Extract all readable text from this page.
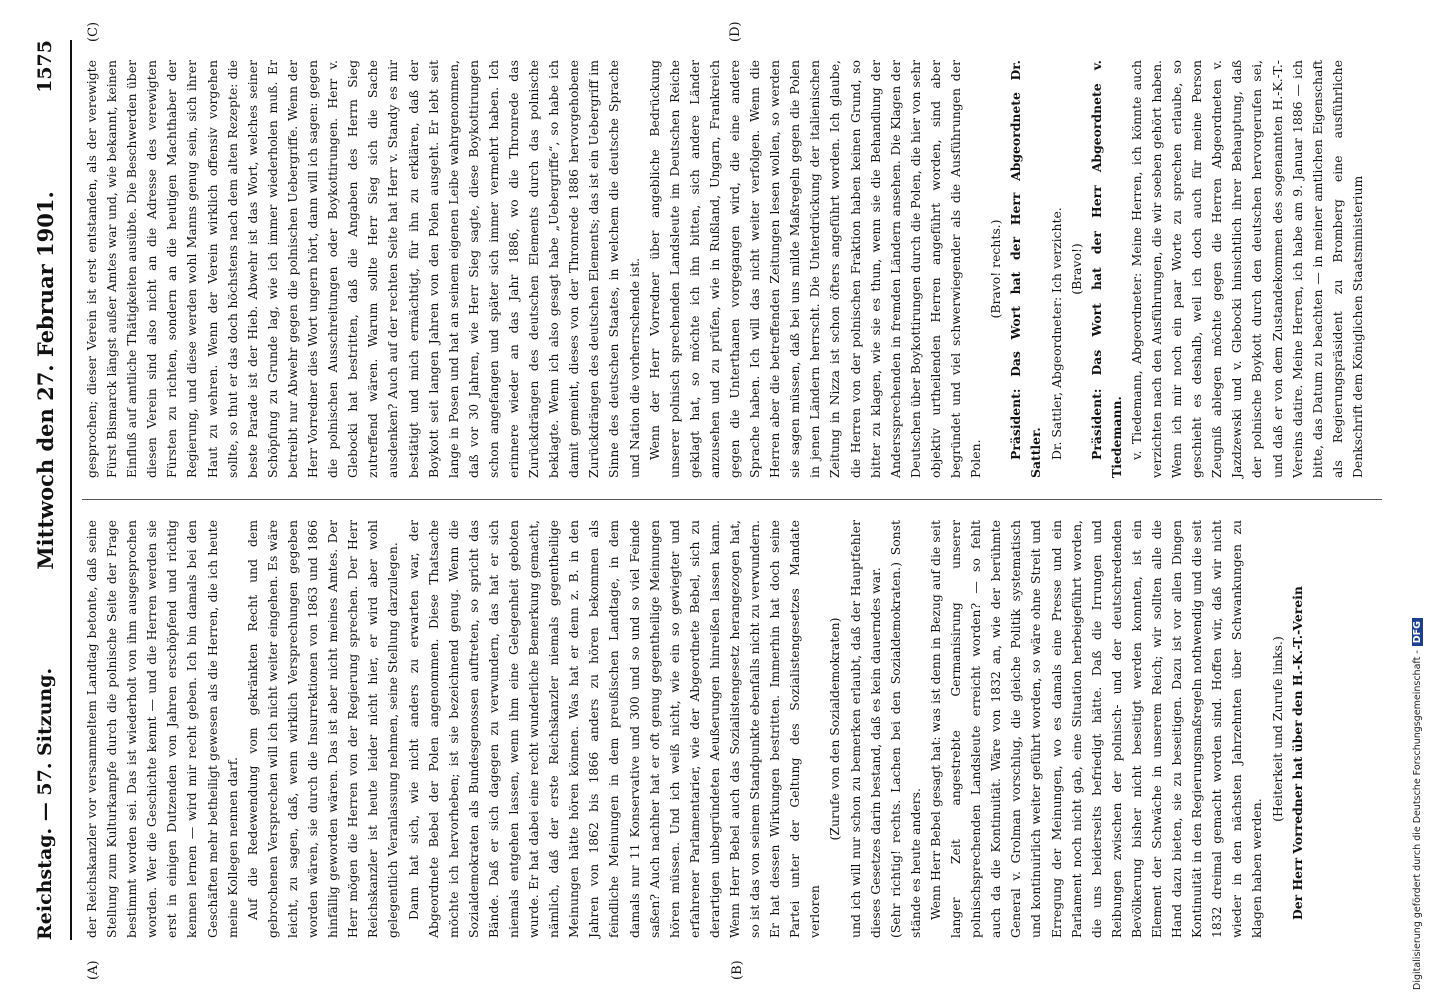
Reichstag. — 57. Sitzung.
Mittwoch den 27. Februar 1901.
1575
(A)	(B)
(C)	(D)

der Reichskanzler vor versammeltem Landtag betonte, daß seine Stellung zum Kulturkampfe durch die polnische Seite der Frage bestimmt worden sei. Das ist wiederholt von ihm ausgesprochen worden. Wer die Geschichte kennt — und die Herren werden sie erst in einigen Dutzenden von Jahren erschöpfend und richtig kennen lernen — wird mir recht geben. Ich bin damals bei den Geschäften mehr betheiligt gewesen als die Herren, die ich heute meine Kollegen nennen darf. Auf die Redewendung vom gekränkten Recht und dem gebrochenen Versprechen will ich nicht weiter eingehen. Es wäre leicht, zu sagen, daß, wenn wirklich Versprechungen gegeben worden wären, sie durch die Insurrektionen von 1863 und 1866 hinfällig geworden wären. Das ist aber nicht meines Amtes. Der Herr mögen die Herren von der Regierung sprechen. Der Herr Reichskanzler ist heute leider nicht hier, er wird aber wohl gelegentlich Veranlassung nehmen, seine Stellung darzulegen. Dann hat sich, wie nicht anders zu erwarten war, der Abgeordnete Bebel der Polen angenommen. Diese Thatsache möchte ich hervorheben; ist sie bezeichnend genug. Wenn die Sozialdemokraten als Bundesgenossen auftreten, so spricht das Bände. Daß er sich dagegen zu verwundern, das hat er sich niemals entgehen lassen, wenn ihm eine Gelegenheit geboten wurde. Er hat dabei eine recht wunderliche Bemerkung gemacht, nämlich, daß der erste Reichskanzler niemals gegentheilige Meinungen hätte hören können. Was hat er denn z. B. in den Jahren von 1862 bis 1866 anders zu hören bekommen als feindliche Meinungen in dem preußischen Landtage, in dem damals nur 11 Konservative und 300 und so und so viel Feinde saßen? Auch nachher hat er oft genug gegentheilige Meinungen hören müssen. Und ich weiß nicht, wie ein so gewiegter und erfahrener Parlamentarier, wie der Abgeordnete Bebel, sich zu derartigen unbegründeten Aeußerungen hinreißen lassen kann. Wenn Herr Bebel auch das Sozialistengesetz herangezogen hat, so ist das von seinem Standpunkte ebenfalls nicht zu verwundern. Er hat dessen Wirkungen bestritten. Immerhin hat doch seine Partei unter der Geltung des Sozialistengesetzes Mandate verloren

(Zurufe von den Sozialdemokraten) und ich will nur schon zu bemerken erlaubt, daß der Hauptfehler dieses Gesetzes darin bestand, daß es kein dauerndes war. (Sehr richtig! rechts. Lachen bei den Sozialdemokraten.) Sonst stände es heute anders. Wenn Herr Bebel gesagt hat: was ist denn in Bezug auf die seit langer Zeit angestrebte Germanisirung unserer polnischsprechenden Landsleute erreicht worden? — so fehlt auch da die Kontinuität. Wäre von 1832 an, wie der berühmte General v. Grolman vorschlug, die gleiche Politik systematisch und kontinuirlich weiter geführt worden, so wäre ohne Streit und Erregung der Meinungen, wo es damals eine Presse und ein Parlament noch nicht gab, eine Situation herbeigeführt worden, die uns beiderseits befriedigt hätte. Daß die Irrungen und Reibungen zwischen der polnisch- und der deutschredenden Bevölkerung bisher nicht beseitigt werden konnten, ist ein Element der Schwäche in unserem Reich; wir sollten alle die Hand dazu bieten, sie zu beseitigen. Dazu ist vor allen Dingen Kontinuität in den Regierungsmaßregeln nothwendig und die seit 1832 dreimal gemacht worden sind. Hoffen wir, daß wir nicht wieder in den nächsten Jahrzehnten über Schwankungen zu klagen haben werden.

(Heiterkeit und Zurufe links.) Der Herr Vorredner hat über den H.-K.-T.-Verein

gesprochen; dieser Verein ist erst entstanden, als der verewigte Fürst Bismarck längst außer Amtes war und, wie bekannt, keinen Einfluß auf amtliche Thätigkeiten ausübte. Die Beschwerden über diesen Verein sind also nicht an die Adresse des verewigten Fürsten zu richten, sondern an die heutigen Machthaber der Regierung, und diese werden wohl Manns genug sein, sich ihrer Haut zu wehren. Wenn der Verein wirklich offensiv vorgehen sollte, so thut er das doch höchstens nach dem alten Rezepte: die beste Parade ist der Hieb. Abwehr ist das Wort, welches seiner Schöpfung zu Grunde lag, wie ich immer wiederholen muß. Er betreibt nur Abwehr gegen die polnischen Uebergriffe. Wenn der Herr Vorredner dies Wort ungern hört, dann will ich sagen: gegen die polnischen Ausschreitungen oder Boykottirungen. Herr v. Glebocki hat bestritten, daß die Angaben des Herrn Sieg zutreffend wären. Warum sollte Herr Sieg sich die Sache ausdenken? Auch auf der rechten Seite hat Herr v. Standy es mir bestätigt und mich ermächtigt, für ihn zu erklären, daß der Boykott seit langen Jahren von den Polen ausgeht. Er lebt seit lange in Posen und hat an seinem eigenen Leibe wahrgenommen, daß vor 30 Jahren, wie Herr Sieg sagte, diese Boykottirungen schon angefangen und später sich immer vermehrt haben. Ich erinnere wieder an das Jahr 1886, wo die Thronrede das Zurückdrängen des deutschen Elements durch das polnische beklagte. Wenn ich also gesagt habe „Uebergriffe“, so habe ich damit gemeint, dieses von der Thronrede 1886 hervorgehobene Zurückdrängen des deutschen Elements; das ist ein Uebergriff im Sinne des deutschen Staates, in welchem die deutsche Sprache und Nation die vorherrschende ist. Wenn der Herr Vorredner über angebliche Bedrückung unserer polnisch sprechenden Landsleute im Deutschen Reiche geklagt hat, so möchte ich ihn bitten, sich andere Länder anzusehen und zu prüfen, wie in Rußland, Ungarn, Frankreich gegen die Unterthanen vorgegangen wird, die eine andere Sprache haben. Ich will das nicht weiter verfolgen. Wenn die Herren aber die betreffenden Zeitungen lesen wollen, so werden sie sagen müssen, daß bei uns milde Maßregeln gegen die Polen in jenen Ländern herrscht. Die Unterdrückung der italienischen Zeitung in Nizza ist schon öfters angeführt worden. Ich glaube, die Herren von der polnischen Fraktion haben keinen Grund, so bitter zu klagen, wie sie es thun, wenn sie die Behandlung der Anderssprechenden in fremden Ländern ansehen. Die Klagen der Deutschen über Boykottirungen durch die Polen, die hier von sehr objektiv urtheilenden Herren angeführt worden, sind aber begründet und viel schwerwiegender als die Ausführungen der Polen.

(Bravo! rechts.) Präsident: Das Wort hat der Herr Abgeordnete Dr. Sattler. Dr. Sattler, Abgeordneter: Ich verzichte. (Bravo!) Präsident: Das Wort hat der Herr Abgeordnete v. Tiedemann. v. Tiedemann, Abgeordneter: Meine Herren, ich könnte auch verzichten nach den Ausführungen, die wir soeben gehört haben. Wenn ich mir noch ein paar Worte zu sprechen erlaube, so geschieht es deshalb, weil ich doch auch für meine Person Zeugniß ablegen möchte gegen die Herren Abgeordneten v. Jazdzewski und v. Glebocki hinsichtlich ihrer Behauptung, daß der polnische Boykott durch den deutschen hervorgerufen sei, und daß er von dem Zustandekommen des sogenannten H.-K.-T.-Vereins datire. Meine Herren, ich habe am 9. Januar 1886 — ich bitte, das Datum zu beachten — in meiner amtlichen Eigenschaft als Regierungspräsident zu Bromberg eine ausführliche Denkschrift dem Königlichen Staatsministerium

Digitalisierung gefördert durch die Deutsche Forschungsgemeinschaft -DFG
